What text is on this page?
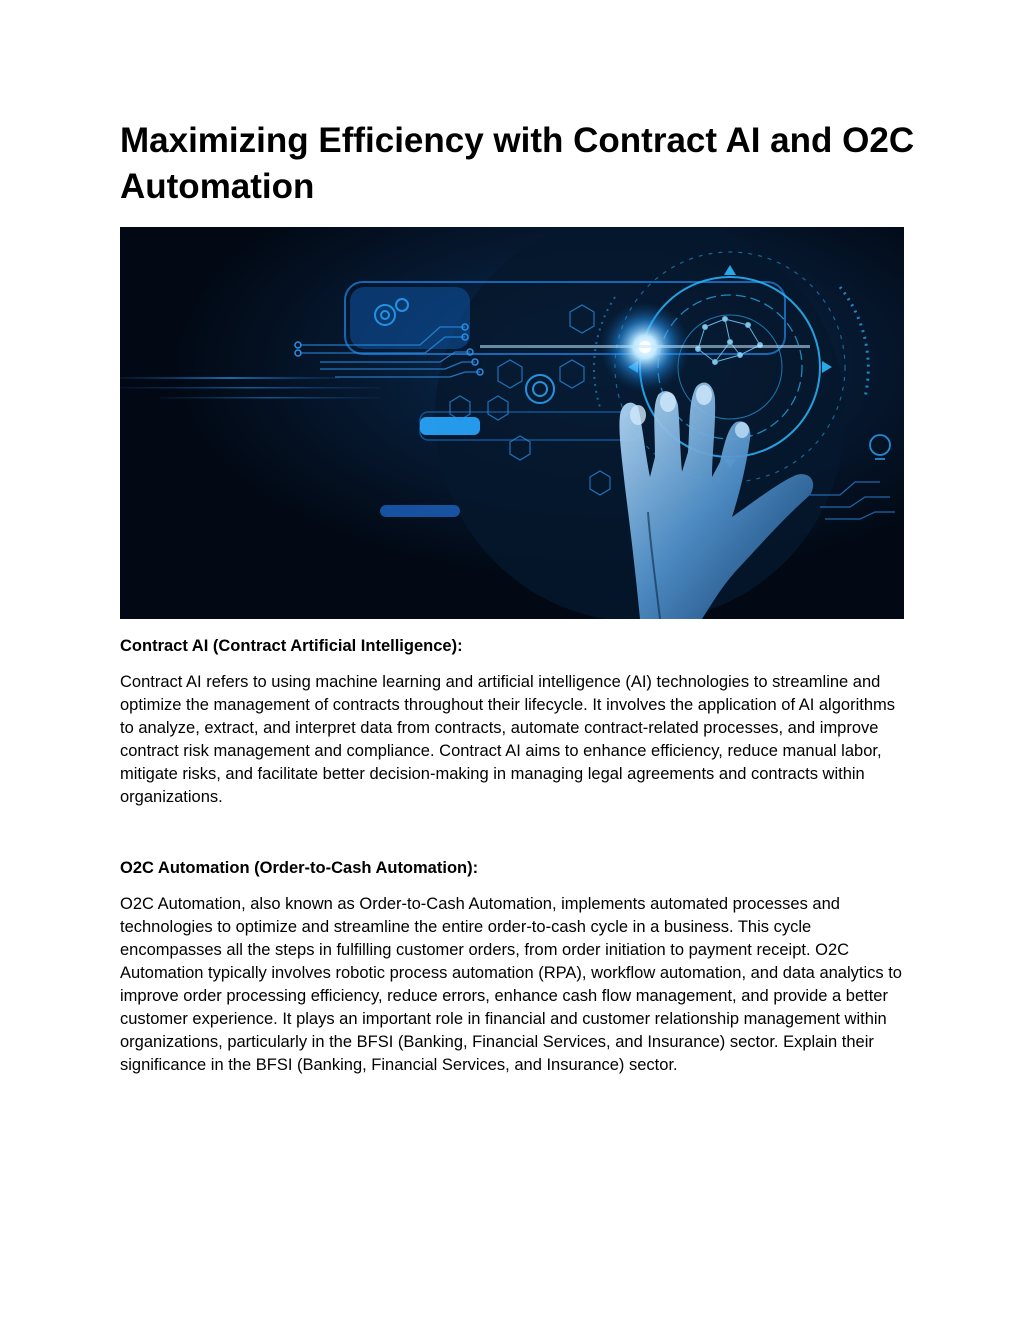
Maximizing Efficiency with Contract AI and O2C Automation
Contract AI (Contract Artificial Intelligence):

Contract AI refers to using machine learning and artificial intelligence (AI) technologies to streamline and optimize the management of contracts throughout their lifecycle. It involves the application of AI algorithms to analyze, extract, and interpret data from contracts, automate contract-related processes, and improve contract risk management and compliance. Contract AI aims to enhance efficiency, reduce manual labor, mitigate risks, and facilitate better decision-making in managing legal agreements and contracts within organizations.

O2C Automation (Order-to-Cash Automation):

O2C Automation, also known as Order-to-Cash Automation, implements automated processes and technologies to optimize and streamline the entire order-to-cash cycle in a business. This cycle encompasses all the steps in fulfilling customer orders, from order initiation to payment receipt. O2C Automation typically involves robotic process automation (RPA), workflow automation, and data analytics to improve order processing efficiency, reduce errors, enhance cash flow management, and provide a better customer experience. It plays an important role in financial and customer relationship management within organizations, particularly in the BFSI (Banking, Financial Services, and Insurance) sector. Explain their significance in the BFSI (Banking, Financial Services, and Insurance) sector.
